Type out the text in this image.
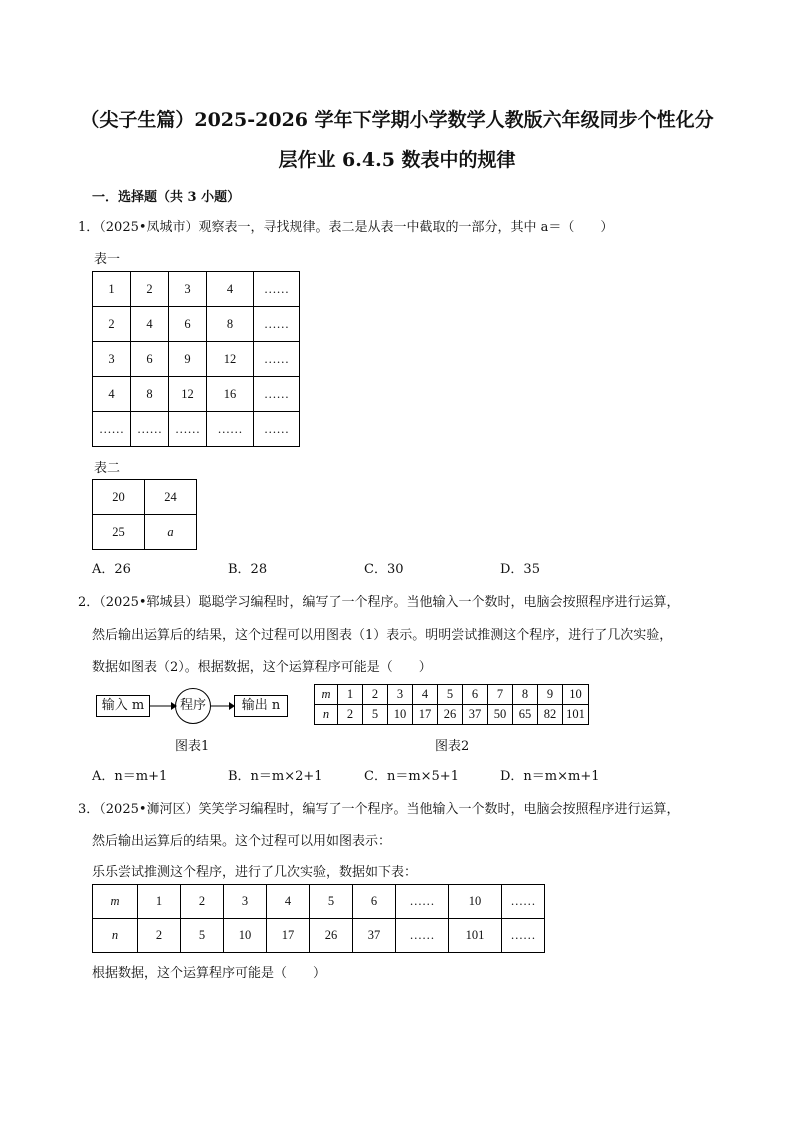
（尖子生篇）2025-2026 学年下学期小学数学人教版六年级同步个性化分
层作业 6.4.5 数表中的规律
一．选择题（共 3 小题）
1．（2025•凤城市）观察表一，寻找规律。表二是从表一中截取的一部分，其中 a＝（　　）
表一
1	2	3	4	……
2	4	6	8	……
3	6	9	12	……
4	8	12	16	……
……	……	……	……	……
表二
20	24
25	a
A．26	B．28	C．30	D．35
2．（2025•郓城县）聪聪学习编程时，编写了一个程序。当他输入一个数时，电脑会按照程序进行运算，
然后输出运算后的结果，这个过程可以用图表（1）表示。明明尝试推测这个程序，进行了几次实验，
数据如图表（2）。根据数据，这个运算程序可能是（　　）
输入 m	程序	输出 n
图表1
m	1	2	3	4	5	6	7	8	9	10
n	2	5	10	17	26	37	50	65	82	101
图表2
A．n＝m+1	B．n＝m×2+1	C．n＝m×5+1	D．n＝m×m+1
3．（2025•浉河区）笑笑学习编程时，编写了一个程序。当他输入一个数时，电脑会按照程序进行运算，
然后输出运算后的结果。这个过程可以用如图表示：
乐乐尝试推测这个程序，进行了几次实验，数据如下表：
m	1	2	3	4	5	6	……	10	……
n	2	5	10	17	26	37	……	101	……
根据数据，这个运算程序可能是（　　）
